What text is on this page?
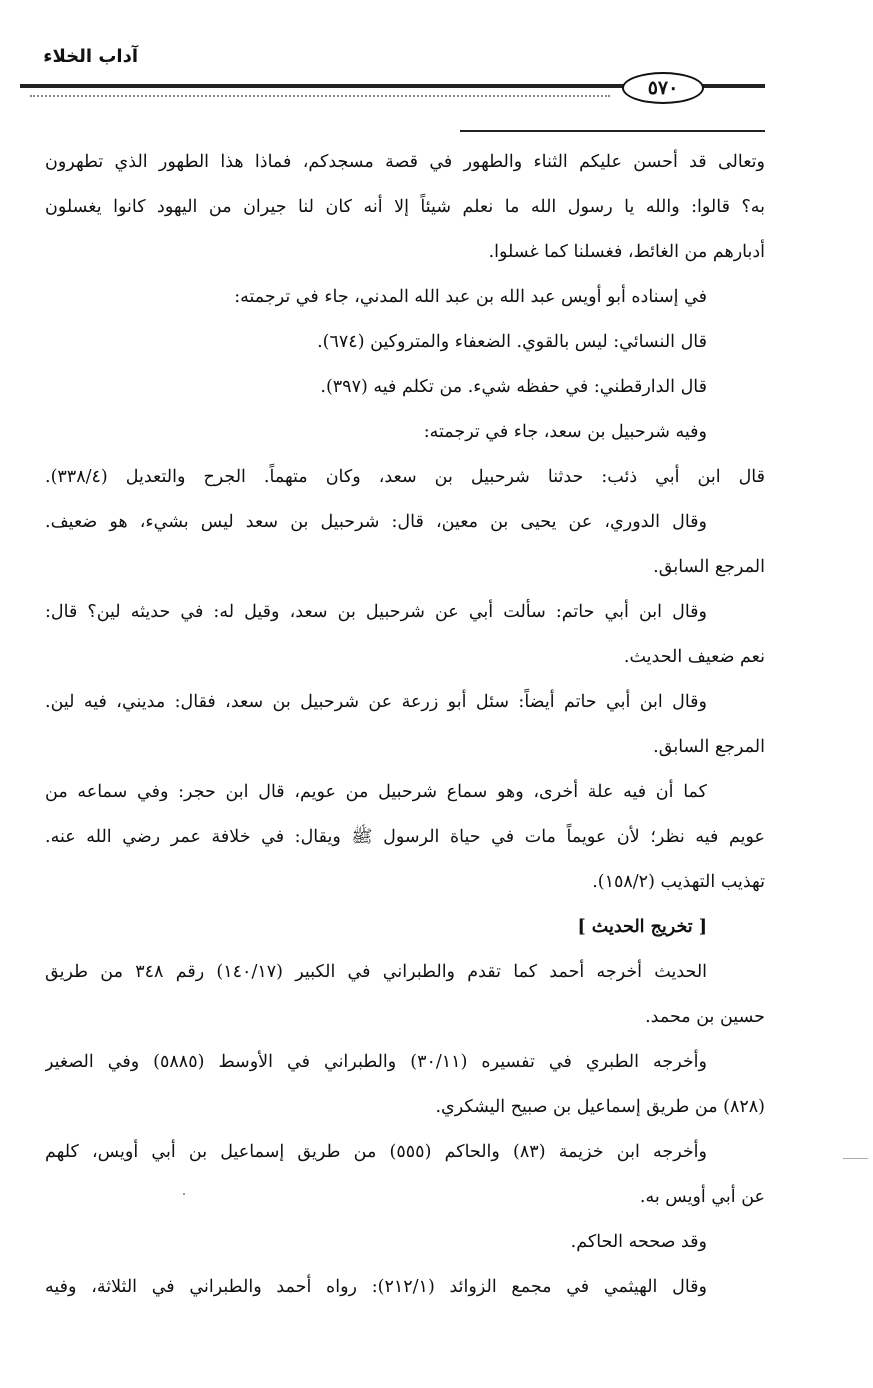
آداب الخلاء
٥٧٠
وتعالى قد أحسن عليكم الثناء والطهور في قصة مسجدكم، فماذا هذا الطهور الذي تطهرون
به؟ قالوا: والله يا رسول الله ما نعلم شيئاً إلا أنه كان لنا جيران من اليهود كانوا يغسلون
أدبارهم من الغائط، فغسلنا كما غسلوا.
في إسناده أبو أويس عبد الله بن عبد الله المدني، جاء في ترجمته:
قال النسائي: ليس بالقوي. الضعفاء والمتروكين (٦٧٤).
قال الدارقطني: في حفظه شيء. من تكلم فيه (٣٩٧).
وفيه شرحبيل بن سعد، جاء في ترجمته:
قال ابن أبي ذئب: حدثنا شرحبيل بن سعد، وكان متهماً. الجرح والتعديل (٣٣٨/٤).
وقال الدوري، عن يحيى بن معين، قال: شرحبيل بن سعد ليس بشيء، هو ضعيف.
المرجع السابق.
وقال ابن أبي حاتم: سألت أبي عن شرحبيل بن سعد، وقيل له: في حديثه لين؟ قال:
نعم ضعيف الحديث.
وقال ابن أبي حاتم أيضاً: سئل أبو زرعة عن شرحبيل بن سعد، فقال: مديني، فيه لين.
المرجع السابق.
كما أن فيه علة أخرى، وهو سماع شرحبيل من عويم، قال ابن حجر: وفي سماعه من
عويم فيه نظر؛ لأن عويماً مات في حياة الرسول ﷺ ويقال: في خلافة عمر رضي الله عنه.
تهذيب التهذيب (١٥٨/٢).
[ تخريج الحديث ]
الحديث أخرجه أحمد كما تقدم والطبراني في الكبير (١٤٠/١٧) رقم ٣٤٨ من طريق
حسين بن محمد.
وأخرجه الطبري في تفسيره (٣٠/١١) والطبراني في الأوسط (٥٨٨٥) وفي الصغير
(٨٢٨) من طريق إسماعيل بن صبيح اليشكري.
وأخرجه ابن خزيمة (٨٣) والحاكم (٥٥٥) من طريق إسماعيل بن أبي أويس، كلهم
عن أبي أويس به.
وقد صححه الحاكم.
وقال الهيثمي في مجمع الزوائد (٢١٢/١): رواه أحمد والطبراني في الثلاثة، وفيه
